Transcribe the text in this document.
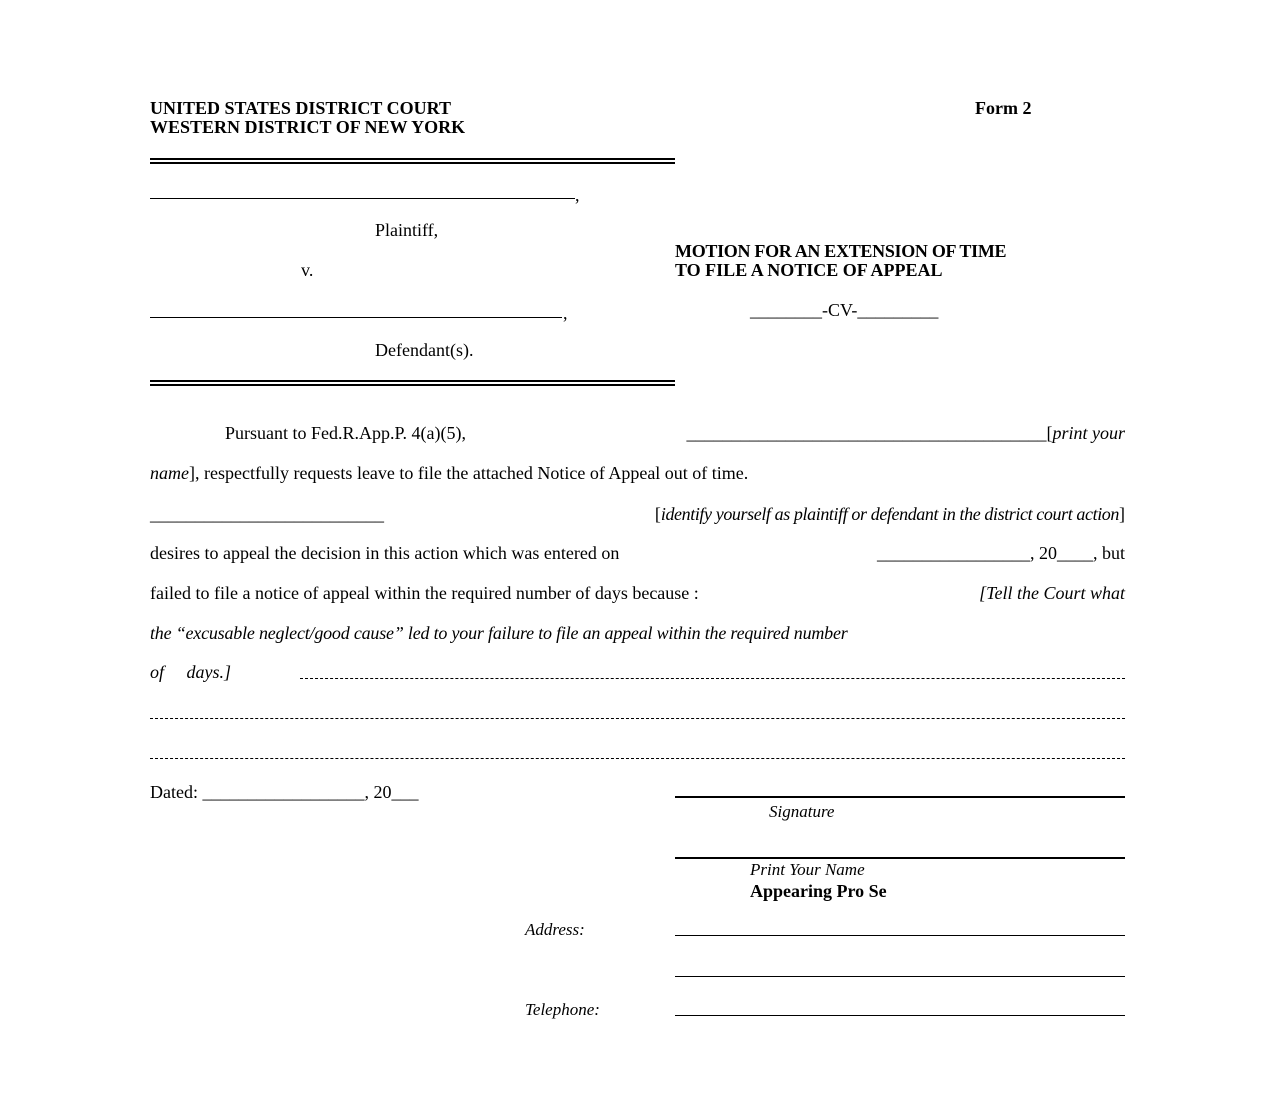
UNITED STATES DISTRICT COURT
WESTERN DISTRICT OF NEW YORK
Form 2
,
Plaintiff,
v.
,
Defendant(s).
MOTION FOR AN EXTENSION OF TIME
TO FILE A NOTICE OF APPEAL
________-CV-_________
Pursuant to Fed.R.App.P. 4(a)(5),	________________________________________[print your
name], respectfully requests leave to file the attached Notice of Appeal out of time.
__________________________	[identify yourself as plaintiff or defendant in the district court action]
desires to appeal the decision in this action which was entered on	_________________, 20____, but
failed to file a notice of appeal within the required number of days because :	[Tell the Court what
the “excusable neglect/good cause” led to your failure to file an appeal within the required number
of days.]
Dated: __________________, 20___
Signature
Print Your Name
Appearing Pro Se
Address:
Telephone:
